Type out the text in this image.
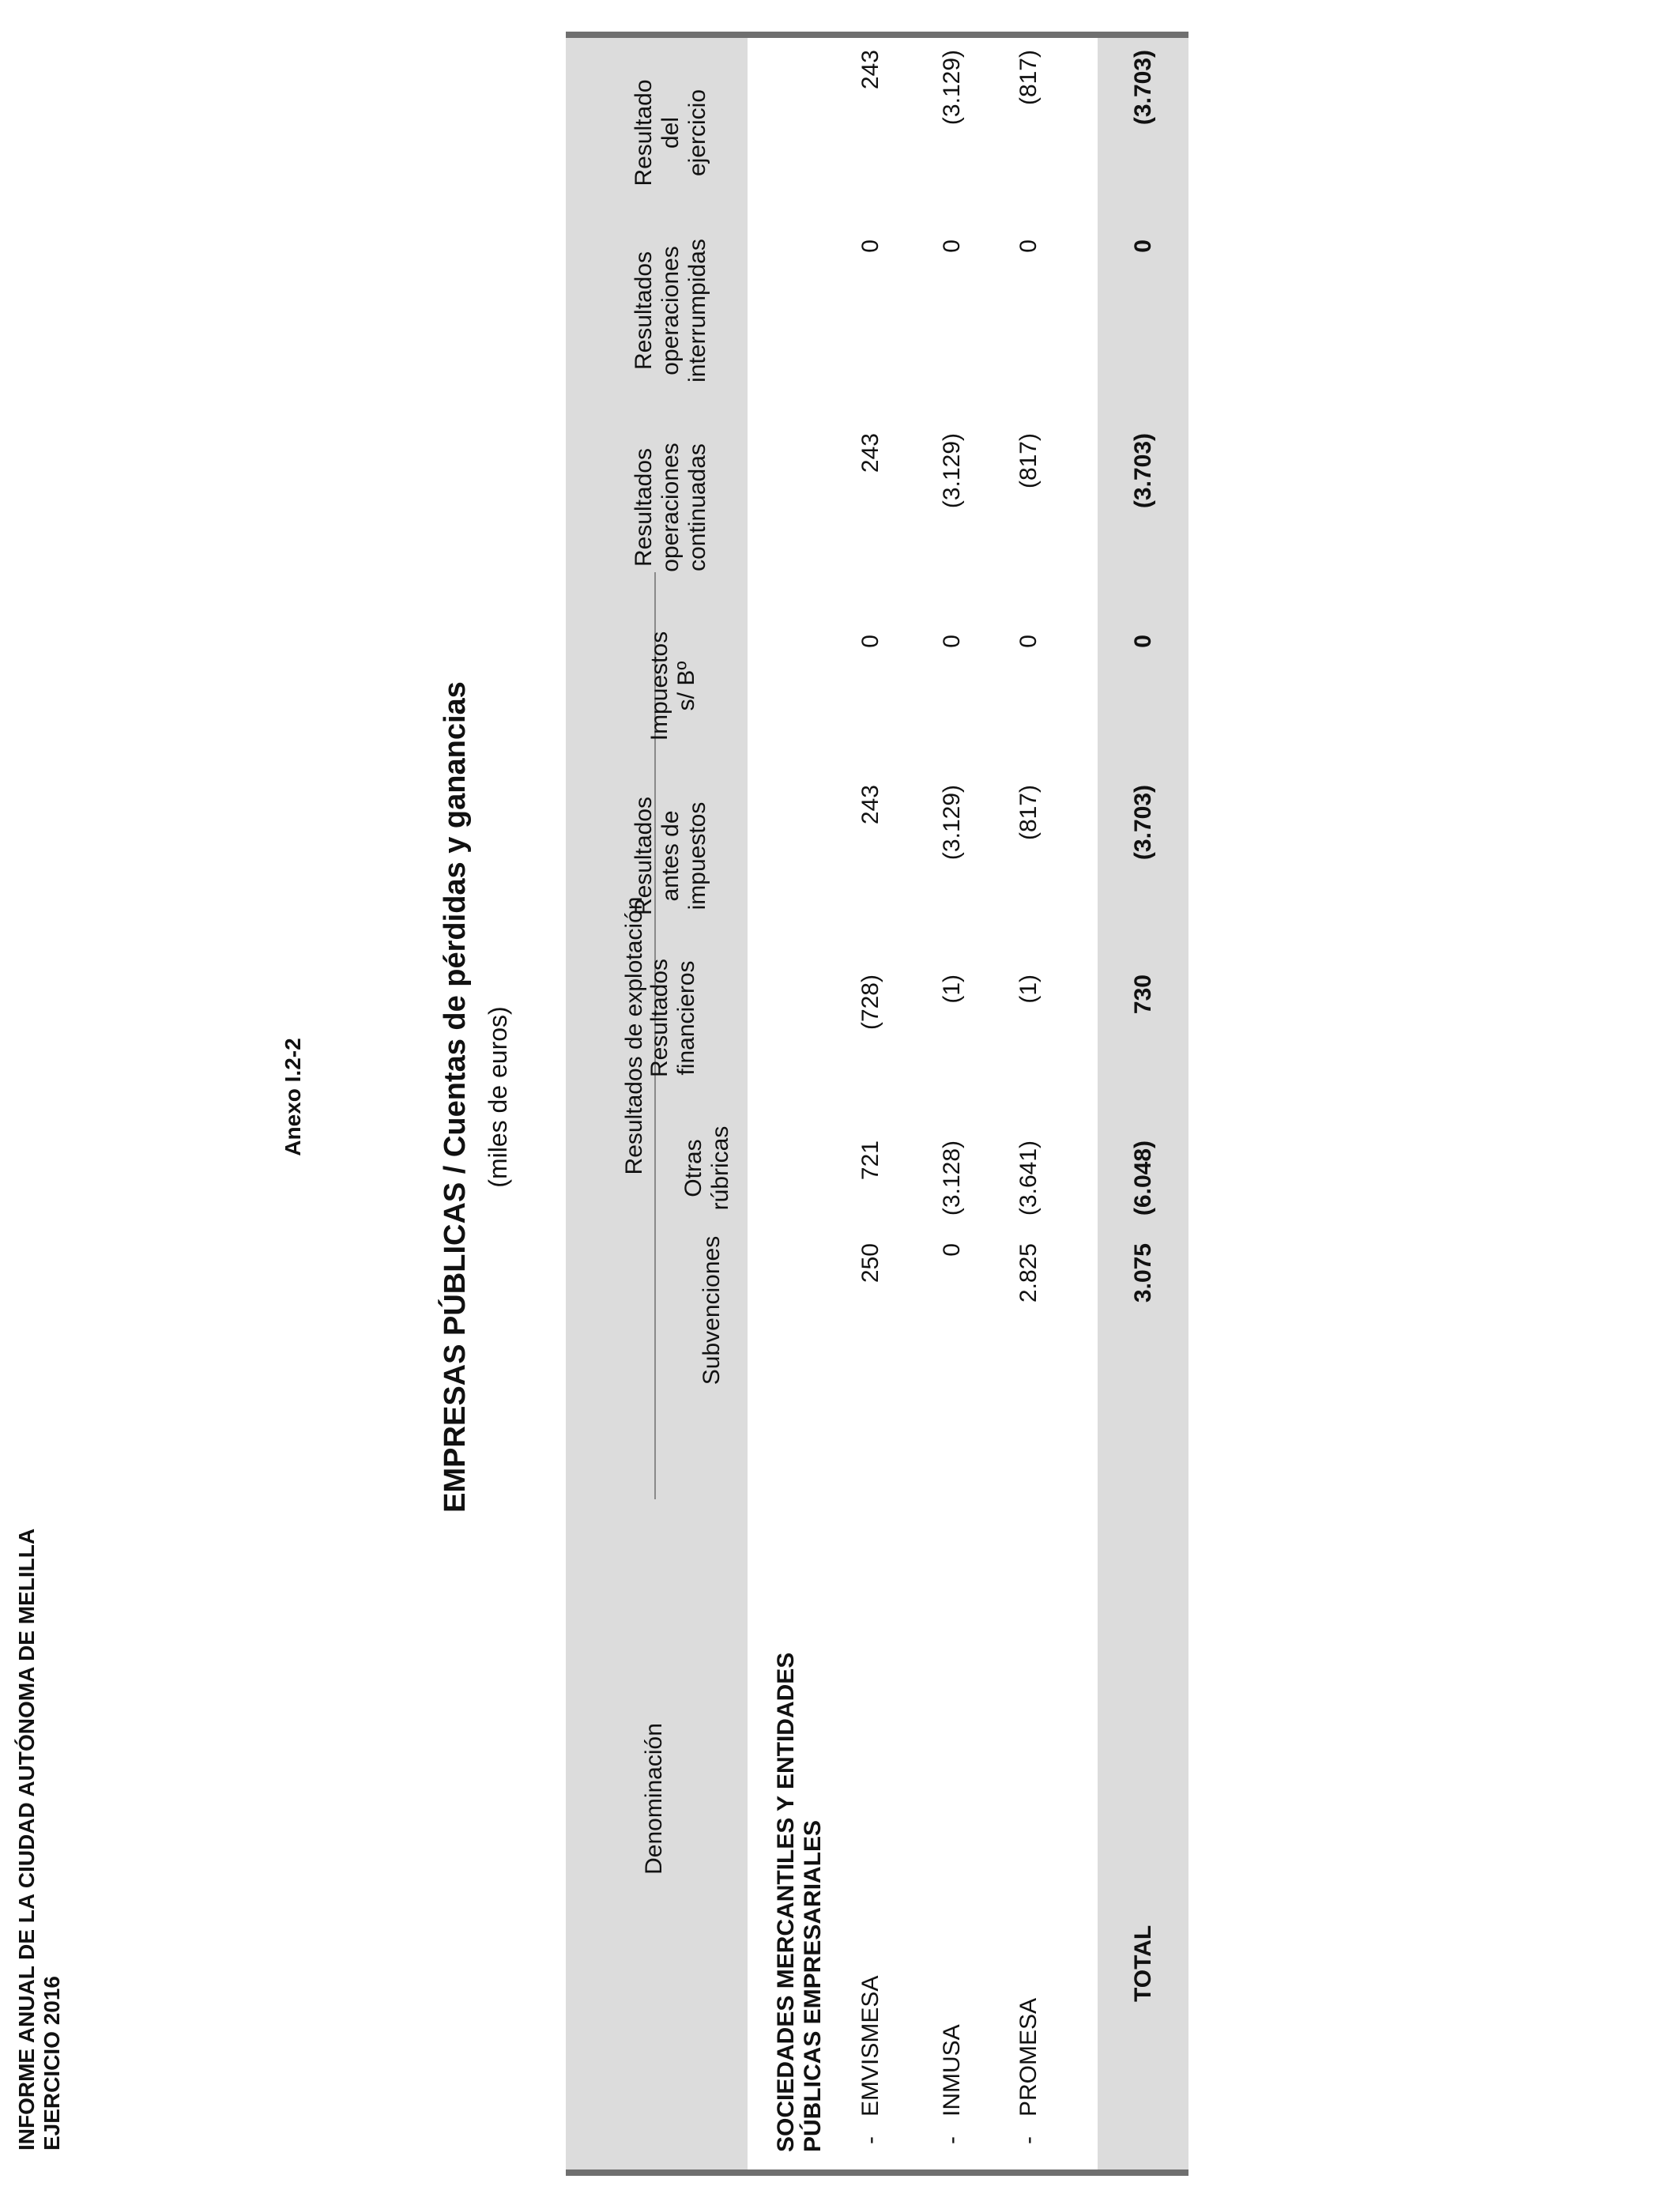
INFORME ANUAL DE LA CIUDAD AUTÓNOMA DE MELILLA EJERCICIO 2016
Anexo I.2-2	EMPRESAS PÚBLICAS / Cuentas de pérdidas y ganancias (miles de euros)
Denominación
Resultados de explotación
Subvenciones
Otras rúbricas
Resultados financieros
Resultados antes de impuestos
Impuestos s/ Bº
Resultados operaciones continuadas
Resultados operaciones interrumpidas
Resultado del ejercicio
SOCIEDADES MERCANTILES Y ENTIDADES PÚBLICAS EMPRESARIALES -
EMVISMESA
250
721
(728)
243
0
243
0
243
-
INMUSA
0
(3.128)
(1)
(3.129)
0
(3.129)
0
(3.129)
-
PROMESA
2.825
(3.641)
(1)
(817)
0
(817)
0
(817)
TOTAL
3.075
(6.048)
730
(3.703)
0
(3.703)
0
(3.703)
